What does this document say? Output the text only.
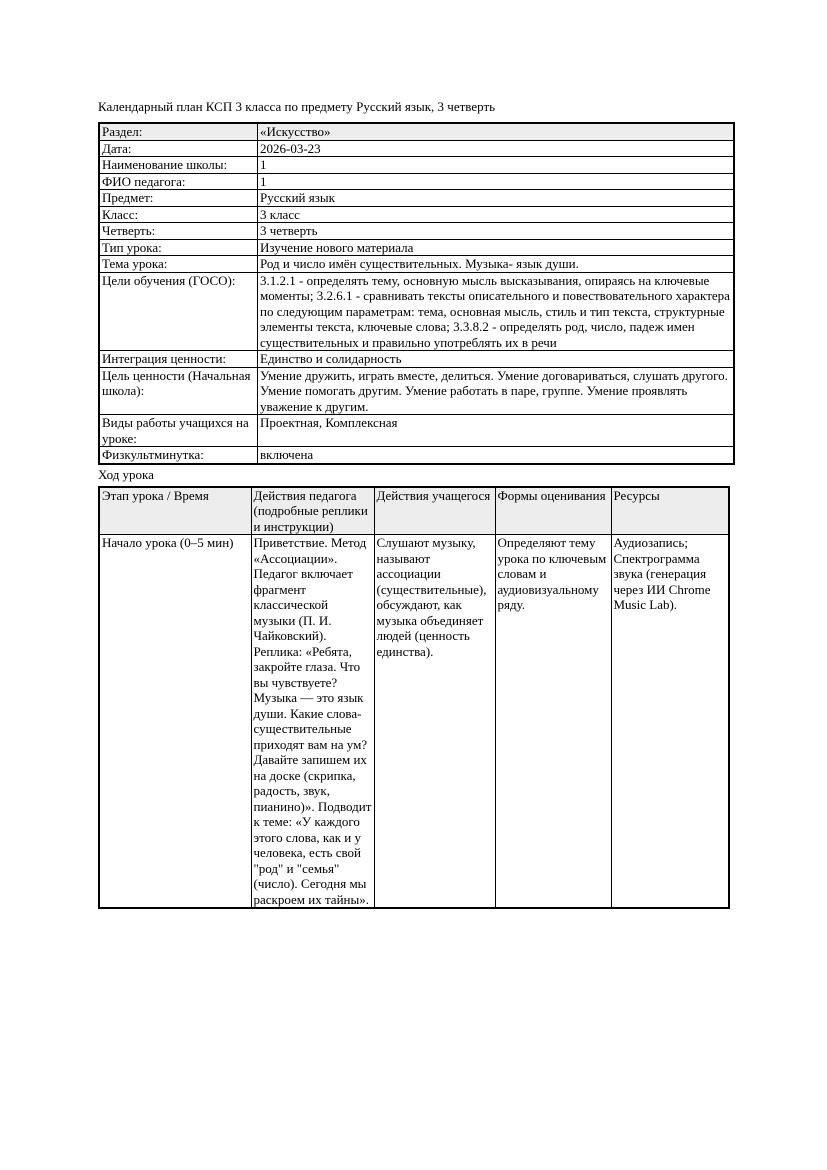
Календарный план КСП 3 класса по предмету Русский язык, 3 четверть
Раздел:	«Искусство»
Дата:	2026-03-23
Наименование школы:	1
ФИО педагога:	1
Предмет:	Русский язык
Класс:	3 класс
Четверть:	3 четверть
Тип урока:	Изучение нового материала
Тема урока:	Род и число имён существительных. Музыка- язык души.
Цели обучения (ГОСО):	3.1.2.1 - определять тему, основную мысль высказывания, опираясь на ключевые моменты; 3.2.6.1 - сравнивать тексты описательного и повествовательного характера по следующим параметрам: тема, основная мысль, стиль и тип текста, структурные элементы текста, ключевые слова; 3.3.8.2 - определять род, число, падеж имен существительных и правильно употреблять их в речи
Интеграция ценности:	Единство и солидарность
Цель ценности (Начальная школа):	Умение дружить, играть вместе, делиться. Умение договариваться, слушать другого. Умение помогать другим. Умение работать в паре, группе. Умение проявлять уважение к другим.
Виды работы учащихся на уроке:	Проектная, Комплексная
Физкультминутка:	включена
Ход урока
Этап урока / Время	Действия педагога (подробные реплики и инструкции)	Действия учащегося	Формы оценивания	Ресурсы
Начало урока (0–5 мин)	Приветствие. Метод «Ассоциации». Педагог включает фрагмент классической музыки (П. И. Чайковский). Реплика: «Ребята, закройте глаза. Что вы чувствуете? Музыка — это язык души. Какие слова-существительные приходят вам на ум? Давайте запишем их на доске (скрипка, радость, звук, пианино)». Подводит к теме: «У каждого этого слова, как и у человека, есть свой "род" и "семья" (число). Сегодня мы раскроем их тайны».	Слушают музыку, называют ассоциации (существительные), обсуждают, как музыка объединяет людей (ценность единства).	Определяют тему урока по ключевым словам и аудиовизуальному ряду.	Аудиозапись; Спектрограмма звука (генерация через ИИ Chrome Music Lab).
